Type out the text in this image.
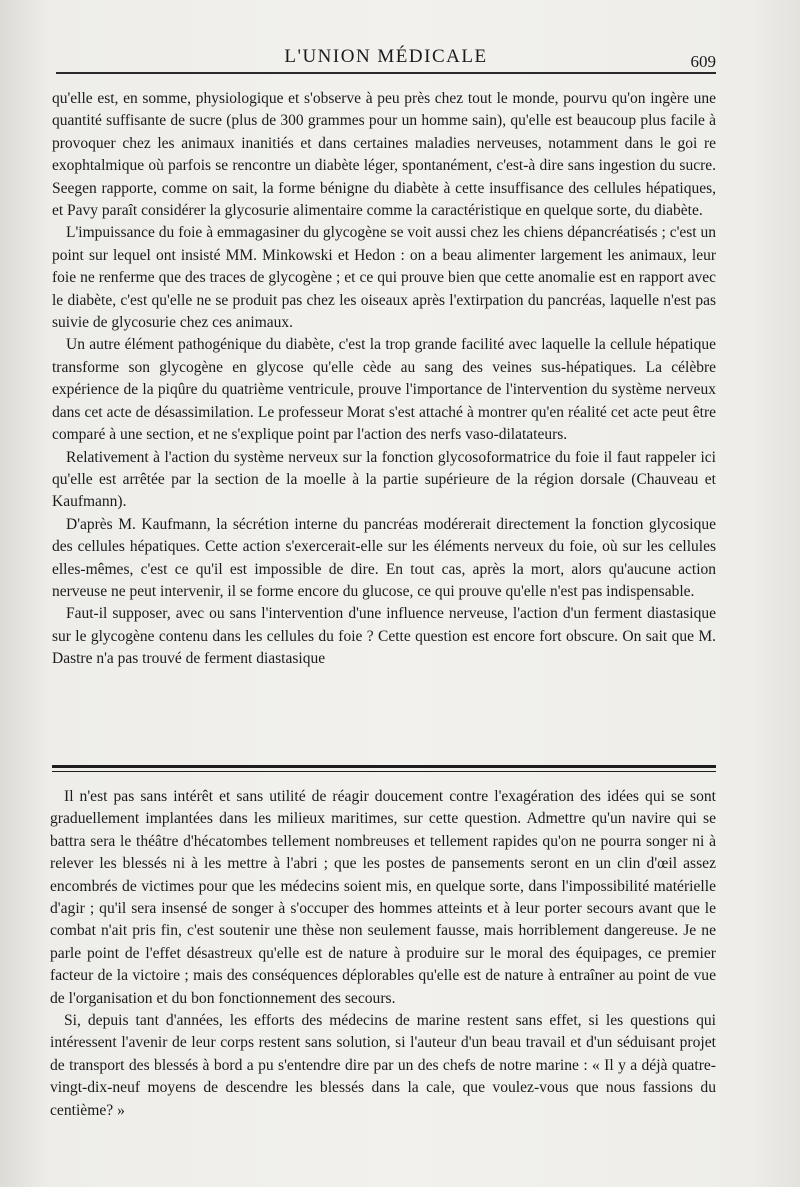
L'UNION MÉDICALE	609

qu'elle est, en somme, physiologique et s'observe à peu près chez tout le monde, pourvu qu'on ingère une quantité suffisante de sucre (plus de 300 grammes pour un homme sain), qu'elle est beaucoup plus facile à provoquer chez les animaux inanitiés et dans certaines maladies nerveuses, notamment dans le goi re exophtalmique où parfois se rencontre un diabète léger, spontanément, c'est-à dire sans ingestion du sucre. Seegen rapporte, comme on sait, la forme bénigne du diabète à cette insuffisance des cellules hépatiques, et Pavy paraît considérer la glycosurie alimentaire comme la caractéristique en quelque sorte, du diabète.

L'impuissance du foie à emmagasiner du glycogène se voit aussi chez les chiens dépancréatisés ; c'est un point sur lequel ont insisté MM. Minkowski et Hedon : on a beau alimenter largement les animaux, leur foie ne renferme que des traces de glycogène ; et ce qui prouve bien que cette anomalie est en rapport avec le diabète, c'est qu'elle ne se produit pas chez les oiseaux après l'extirpation du pancréas, laquelle n'est pas suivie de glycosurie chez ces animaux.

Un autre élément pathogénique du diabète, c'est la trop grande facilité avec laquelle la cellule hépatique transforme son glycogène en glycose qu'elle cède au sang des veines sus-hépatiques. La célèbre expérience de la piqûre du quatrième ventricule, prouve l'importance de l'intervention du système nerveux dans cet acte de désassimilation. Le professeur Morat s'est attaché à montrer qu'en réalité cet acte peut être comparé à une section, et ne s'explique point par l'action des nerfs vaso-dilatateurs.

Relativement à l'action du système nerveux sur la fonction glycosoformatrice du foie il faut rappeler ici qu'elle est arrêtée par la section de la moelle à la partie supérieure de la région dorsale (Chauveau et Kaufmann).

D'après M. Kaufmann, la sécrétion interne du pancréas modérerait directement la fonction glycosique des cellules hépatiques. Cette action s'exercerait-elle sur les éléments nerveux du foie, où sur les cellules elles-mêmes, c'est ce qu'il est impossible de dire. En tout cas, après la mort, alors qu'aucune action nerveuse ne peut intervenir, il se forme encore du glucose, ce qui prouve qu'elle n'est pas indispensable.

Faut-il supposer, avec ou sans l'intervention d'une influence nerveuse, l'action d'un ferment diastasique sur le glycogène contenu dans les cellules du foie ? Cette question est encore fort obscure. On sait que M. Dastre n'a pas trouvé de ferment diastasique

Il n'est pas sans intérêt et sans utilité de réagir doucement contre l'exagération des idées qui se sont graduellement implantées dans les milieux maritimes, sur cette question. Admettre qu'un navire qui se battra sera le théâtre d'hécatombes tellement nombreuses et tellement rapides qu'on ne pourra songer ni à relever les blessés ni à les mettre à l'abri ; que les postes de pansements seront en un clin d'œil assez encombrés de victimes pour que les médecins soient mis, en quelque sorte, dans l'impossibilité matérielle d'agir ; qu'il sera insensé de songer à s'occuper des hommes atteints et à leur porter secours avant que le combat n'ait pris fin, c'est soutenir une thèse non seulement fausse, mais horriblement dangereuse. Je ne parle point de l'effet désastreux qu'elle est de nature à produire sur le moral des équipages, ce premier facteur de la victoire ; mais des conséquences déplorables qu'elle est de nature à entraîner au point de vue de l'organisation et du bon fonctionnement des secours.

Si, depuis tant d'années, les efforts des médecins de marine restent sans effet, si les questions qui intéressent l'avenir de leur corps restent sans solution, si l'auteur d'un beau travail et d'un séduisant projet de transport des blessés à bord a pu s'entendre dire par un des chefs de notre marine : « Il y a déjà quatre-vingt-dix-neuf moyens de descendre les blessés dans la cale, que voulez-vous que nous fassions du centième? »
